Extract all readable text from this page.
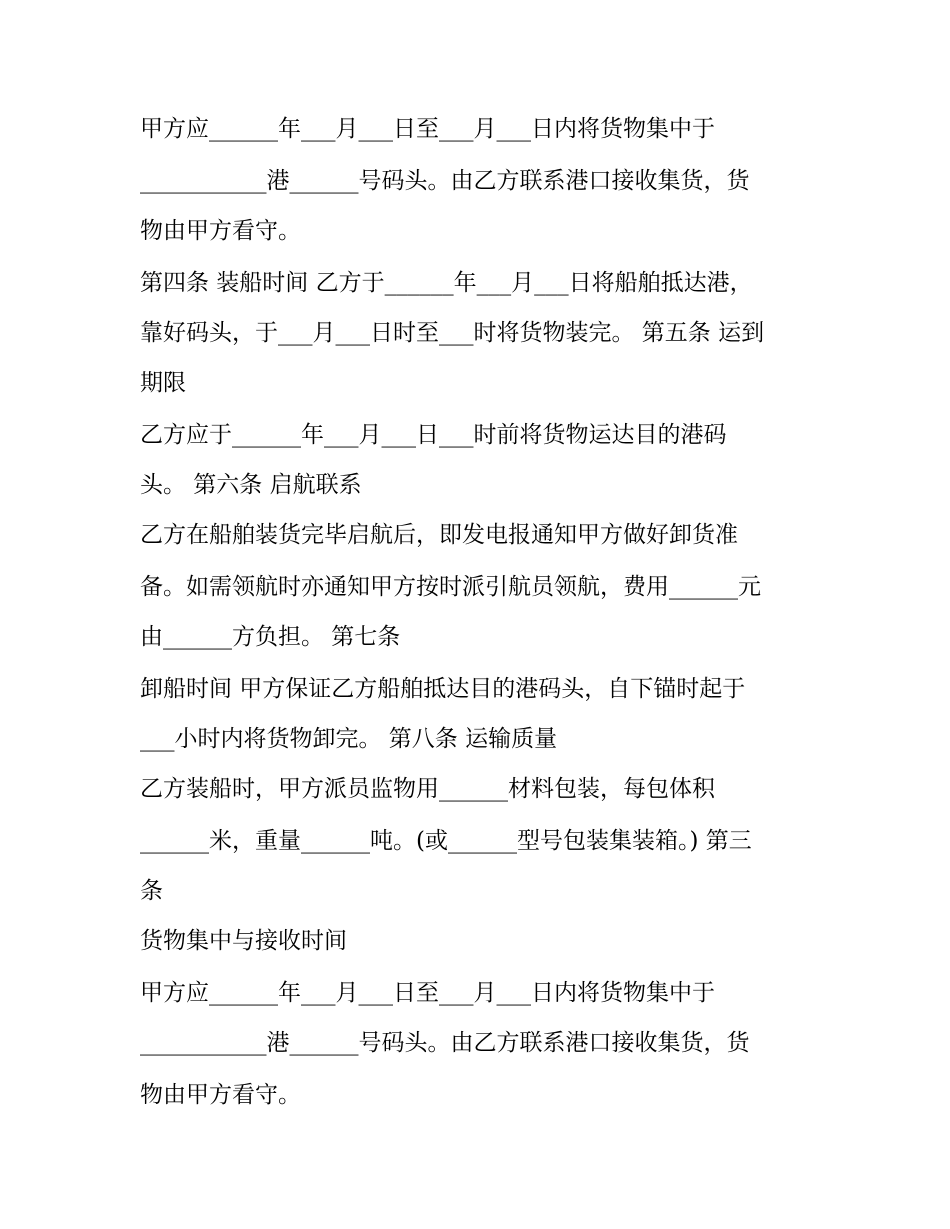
甲方应______年___月___日至___月___日内将货物集中于

___________港______号码头。由乙方联系港口接收集货，货

物由甲方看守。

第四条 装船时间 乙方于______年___月___日将船舶抵达港，

靠好码头，于___月___日时至___时将货物装完。 第五条 运到

期限

乙方应于______年___月___日___时前将货物运达目的港码

头。 第六条 启航联系

乙方在船舶装货完毕启航后，即发电报通知甲方做好卸货准

备。如需领航时亦通知甲方按时派引航员领航，费用______元

由______方负担。 第七条

卸船时间 甲方保证乙方船舶抵达目的港码头，自下锚时起于

___小时内将货物卸完。 第八条 运输质量

乙方装船时，甲方派员监物用______材料包装，每包体积

______米，重量______吨。(或______型号包装集装箱。) 第三

条

货物集中与接收时间

甲方应______年___月___日至___月___日内将货物集中于

___________港______号码头。由乙方联系港口接收集货，货

物由甲方看守。
